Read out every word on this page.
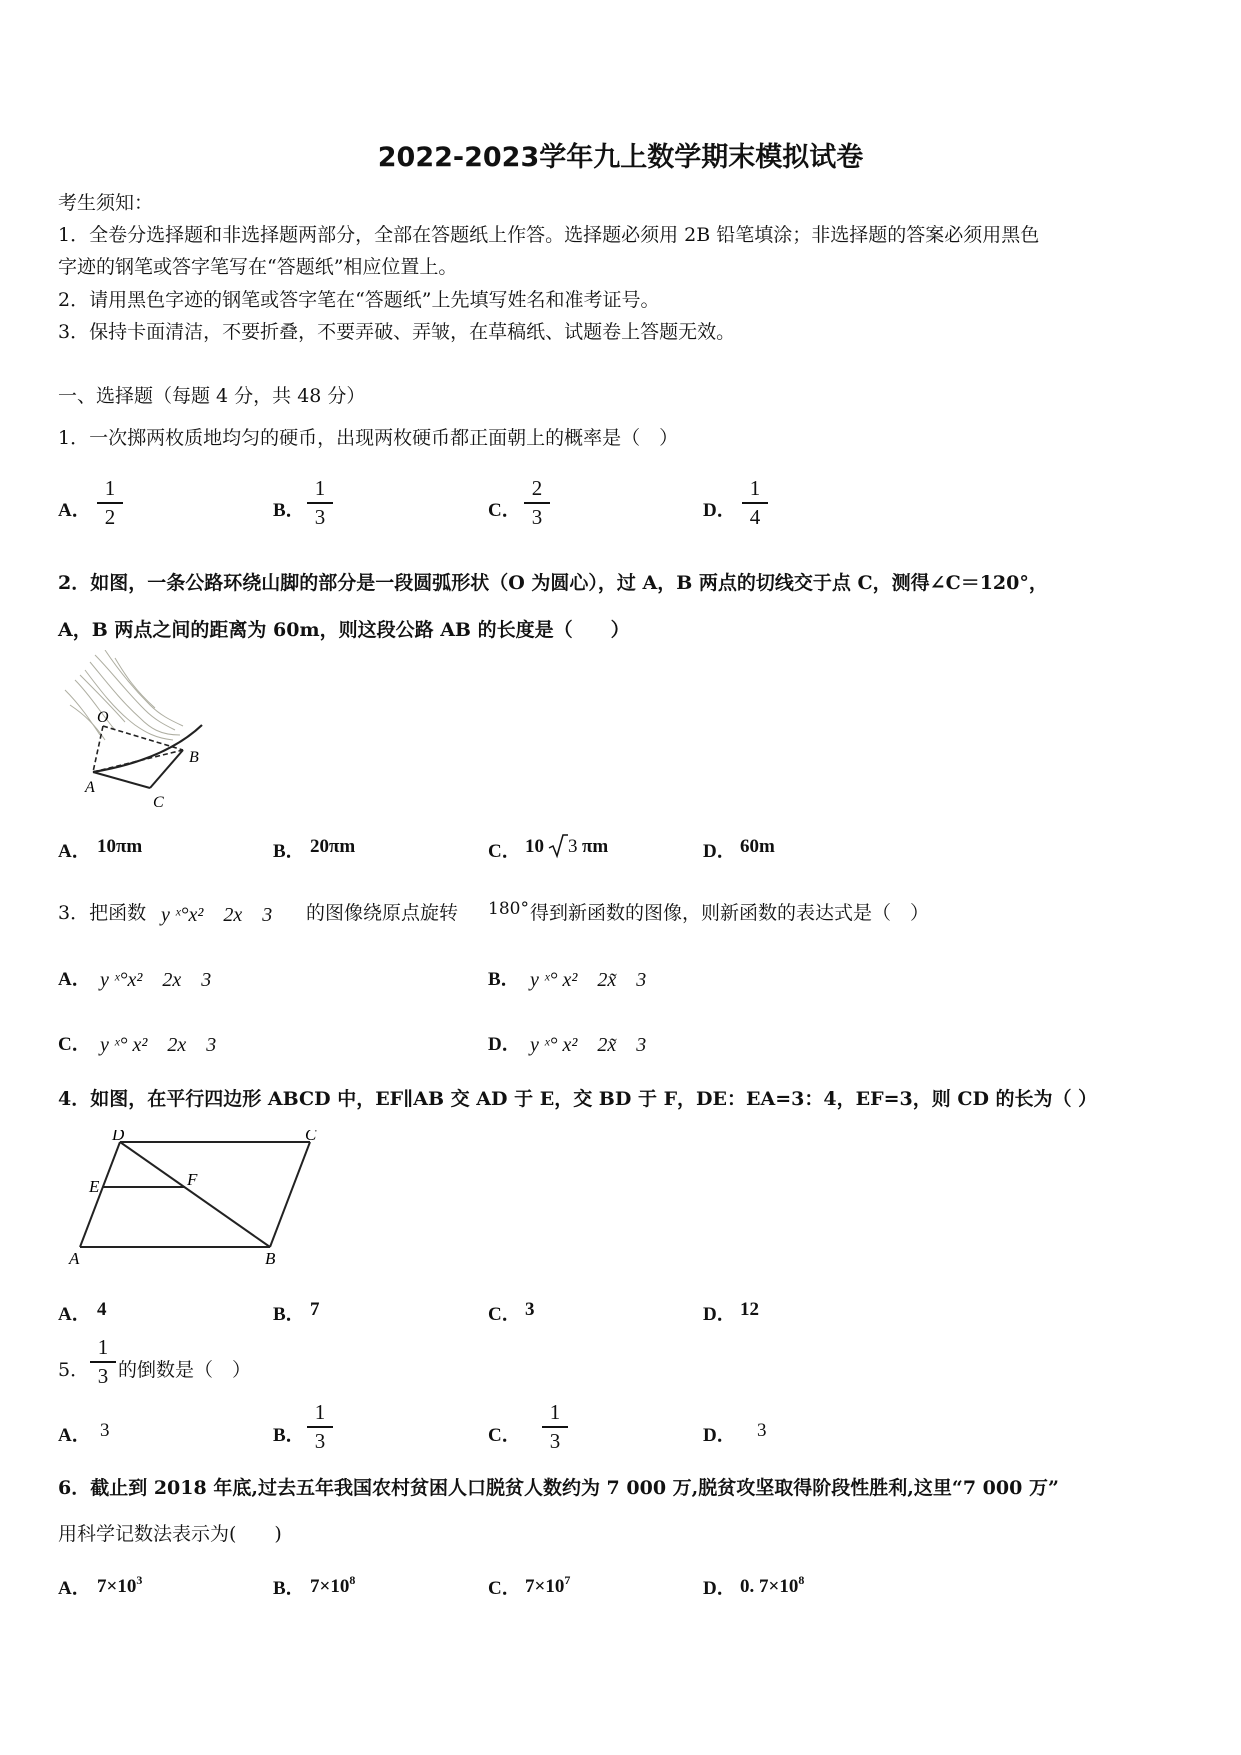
2022-2023学年九上数学期末模拟试卷
考生须知：
1．全卷分选择题和非选择题两部分，全部在答题纸上作答。选择题必须用 2B 铅笔填涂；非选择题的答案必须用黑色
字迹的钢笔或答字笔写在“答题纸”相应位置上。
2．请用黑色字迹的钢笔或答字笔在“答题纸”上先填写姓名和准考证号。
3．保持卡面清洁，不要折叠，不要弄破、弄皱，在草稿纸、试题卷上答题无效。
一、选择题（每题 4 分，共 48 分）
1．一次掷两枚质地均匀的硬币，出现两枚硬币都正面朝上的概率是（　）
A．
1
2	B．
1
3	C．
2
3	D．
1
4
2．如图，一条公路环绕山脚的部分是一段圆弧形状（O 为圆心），过 A，B 两点的切线交于点 C，测得∠C＝120°，
A，B 两点之间的距离为 60m，则这段公路 AB 的长度是（　　）
O
A
B
C
A． 10πm	B． 20πm	C． 10 3 πm	D． 60m
3．把函数 y ˣ°x²　2x　3 的图像绕原点旋转 180° 得到新函数的图像，则新函数的表达式是（　）
A． y ˣ°x²　2x　3	B． y ˣ° x²　2x̃　3
C． y ˣ° x²　2x　3	D． y ˣ° x²　2x̃　3
4．如图，在平行四边形 ABCD 中，EF∥AB 交 AD 于 E，交 BD 于 F，DE：EA=3：4，EF=3，则 CD 的长为（ ）
D	C
E	F
A	B
A． 4	B． 7	C． 3	D． 12
5．
1
3 的倒数是（　）
A． 3	B．
1
3	C．
1
3	D． 3
6．截止到 2018 年底,过去五年我国农村贫困人口脱贫人数约为 7 000 万,脱贫攻坚取得阶段性胜利,这里“7 000 万”
用科学记数法表示为(　　)
A． $7\times 10^3$	B． $7\times 10^8$	C． $7\times 10^7$	D． 0. $7\times 10^8$
